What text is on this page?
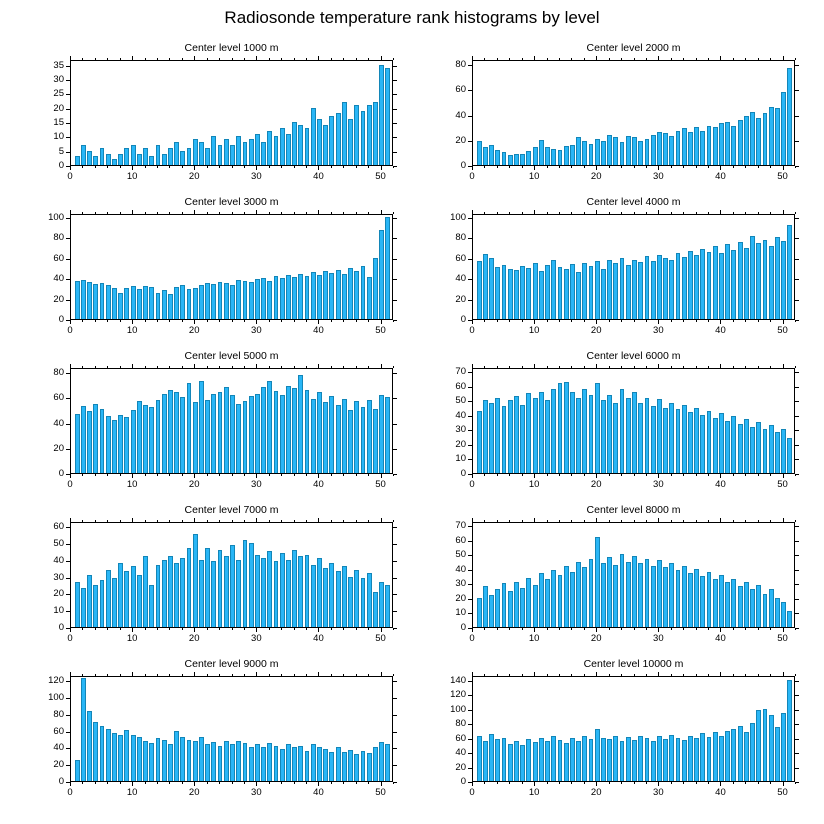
Radiosonde temperature rank histograms by level
Center level 1000 m
0
5
10
15
20
25
30
35
0	10	20	30	40	50
Center level 2000 m
0
20
40
60
80
0	10	20	30	40	50
Center level 3000 m
0
20
40
60
80
100
0	10	20	30	40	50
Center level 4000 m
0
20
40
60
80
100
0	10	20	30	40	50
Center level 5000 m
0
20
40
60
80
0	10	20	30	40	50
Center level 6000 m
0
10
20
30
40
50
60
70
0	10	20	30	40	50
Center level 7000 m
0
10
20
30
40
50
60
0	10	20	30	40	50
Center level 8000 m
0
10
20
30
40
50
60
70
0	10	20	30	40	50
Center level 9000 m
0
20
40
60
80
100
120
0	10	20	30	40	50
Center level 10000 m
0
20
40
60
80
100
120
140
0	10	20	30	40	50
